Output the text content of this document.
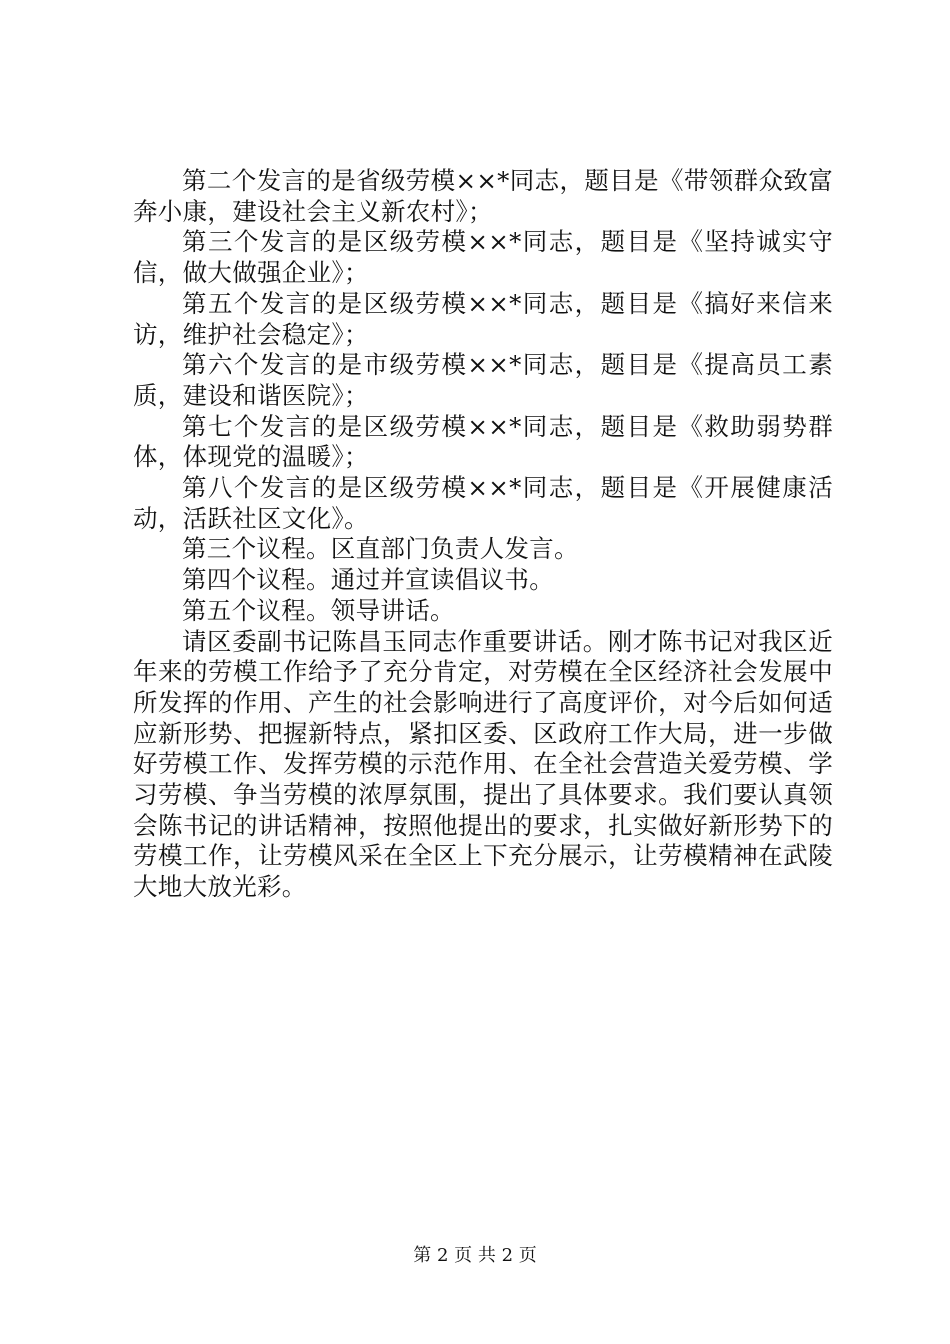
第二个发言的是省级劳模××*同志，题目是《带领群众致富奔小康，建设社会主义新农村》；

第三个发言的是区级劳模××*同志，题目是《坚持诚实守信，做大做强企业》；

第五个发言的是区级劳模××*同志，题目是《搞好来信来访，维护社会稳定》；

第六个发言的是市级劳模××*同志，题目是《提高员工素质，建设和谐医院》；

第七个发言的是区级劳模××*同志，题目是《救助弱势群体，体现党的温暖》；

第八个发言的是区级劳模××*同志，题目是《开展健康活动，活跃社区文化》。

第三个议程。区直部门负责人发言。

第四个议程。通过并宣读倡议书。

第五个议程。领导讲话。

请区委副书记陈昌玉同志作重要讲话。刚才陈书记对我区近年来的劳模工作给予了充分肯定，对劳模在全区经济社会发展中所发挥的作用、产生的社会影响进行了高度评价，对今后如何适应新形势、把握新特点，紧扣区委、区政府工作大局，进一步做好劳模工作、发挥劳模的示范作用、在全社会营造关爱劳模、学习劳模、争当劳模的浓厚氛围，提出了具体要求。我们要认真领会陈书记的讲话精神，按照他提出的要求，扎实做好新形势下的劳模工作，让劳模风采在全区上下充分展示，让劳模精神在武陵大地大放光彩。

第 2 页 共 2 页
